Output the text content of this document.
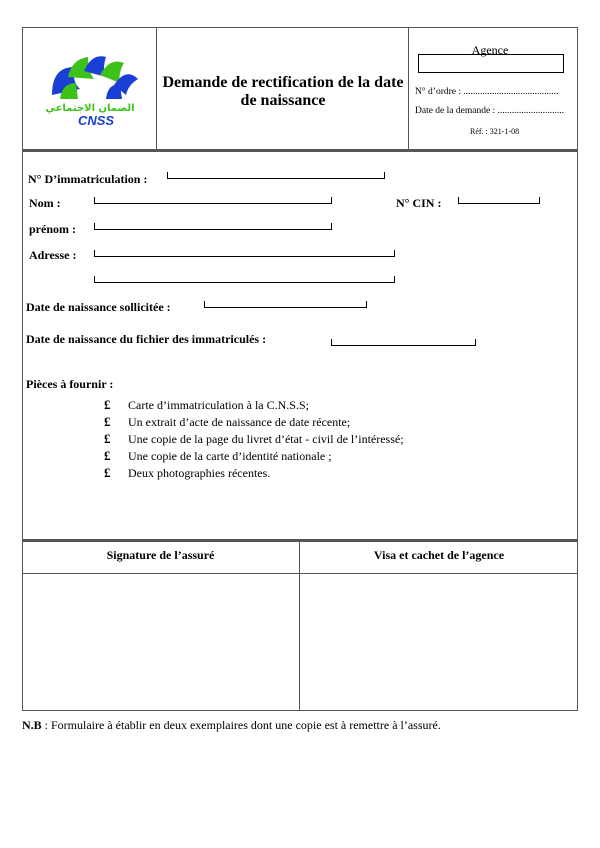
الضمان الاجتماعي
CNSS
Demande de rectification de la date de naissance
Agence
N° d’ordre : ........................................
Date de la demande : ............................
Réf. : 321-1-08
N° D’immatriculation :
Nom :	N° CIN :
prénom :
Adresse :
Date de naissance sollicitée :
Date de naissance du fichier des immatriculés :
Pièces à fournir :
£ Carte d’immatriculation à la C.N.S.S;
£ Un extrait d’acte de naissance de date récente;
£ Une copie de la page du livret d’état - civil de l’intéressé;
£ Une copie de la carte d’identité nationale ;
£ Deux photographies récentes.
Signature de l’assuré	Visa et cachet de l’agence
N.B : Formulaire à établir en deux exemplaires dont une copie est à remettre à l’assuré.
